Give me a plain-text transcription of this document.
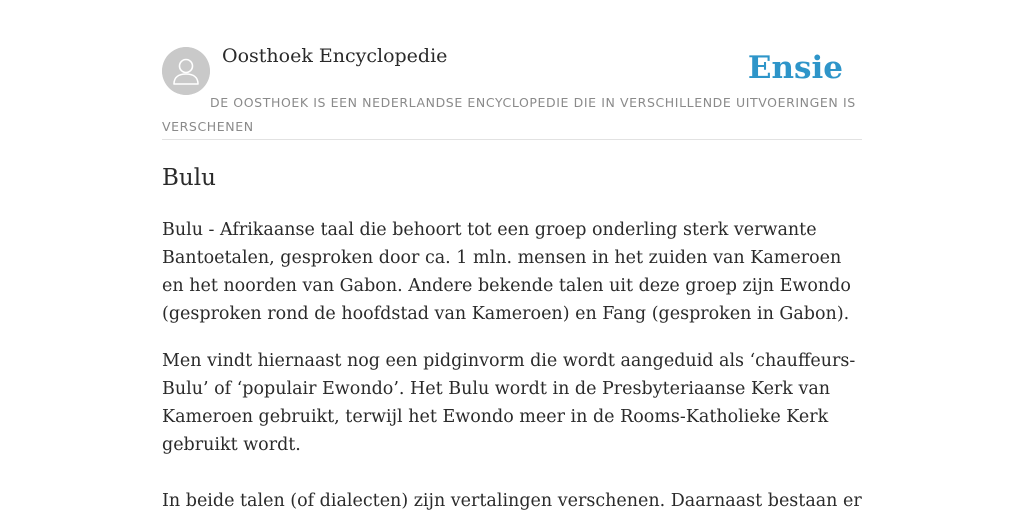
Oosthoek Encyclopedie	Ensie
DE OOSTHOEK IS EEN NEDERLANDSE ENCYCLOPEDIE DIE IN VERSCHILLENDE UITVOERINGEN IS VERSCHENEN
Bulu

Bulu - Afrikaanse taal die behoort tot een groep onderling sterk verwante Bantoetalen, gesproken door ca. 1 mln. mensen in het zuiden van Kameroen en het noorden van Gabon. Andere bekende talen uit deze groep zijn Ewondo (gesproken rond de hoofdstad van Kameroen) en Fang (gesproken in Gabon).

Men vindt hiernaast nog een pidginvorm die wordt aangeduid als ‘chauffeurs-Bulu’ of ‘populair Ewondo’. Het Bulu wordt in de Presbyteriaanse Kerk van Kameroen gebruikt, terwijl het Ewondo meer in de Rooms-Katholieke Kerk gebruikt wordt.

In beide talen (of dialecten) zijn vertalingen verschenen. Daarnaast bestaan er
